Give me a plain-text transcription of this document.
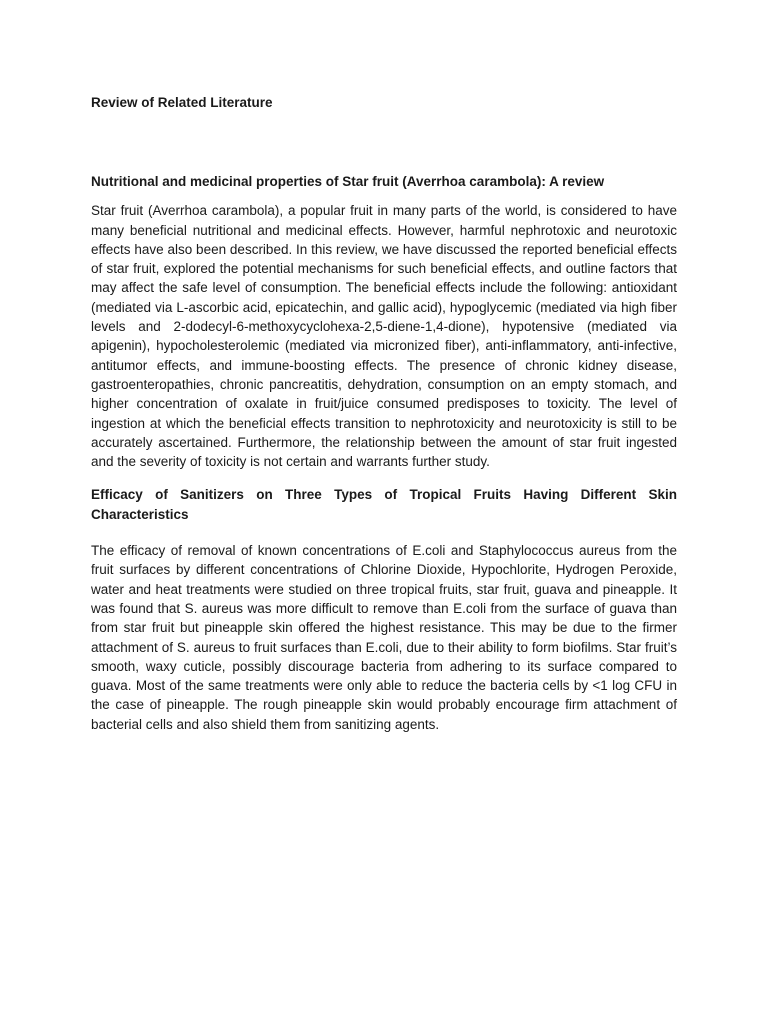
Review of Related Literature
Nutritional and medicinal properties of Star fruit (Averrhoa carambola): A review

Star fruit (Averrhoa carambola), a popular fruit in many parts of the world, is considered to have many beneficial nutritional and medicinal effects. However, harmful nephrotoxic and neurotoxic effects have also been described. In this review, we have discussed the reported beneficial effects of star fruit, explored the potential mechanisms for such beneficial effects, and outline factors that may affect the safe level of consumption. The beneficial effects include the following: antioxidant (mediated via L-ascorbic acid, epicatechin, and gallic acid), hypoglycemic (mediated via high fiber levels and 2-dodecyl-6-methoxycyclohexa-2,5-diene-1,4-dione), hypotensive (mediated via apigenin), hypocholesterolemic (mediated via micronized fiber), anti-inflammatory, anti-infective, antitumor effects, and immune-boosting effects. The presence of chronic kidney disease, gastroenteropathies, chronic pancreatitis, dehydration, consumption on an empty stomach, and higher concentration of oxalate in fruit/juice consumed predisposes to toxicity. The level of ingestion at which the beneficial effects transition to nephrotoxicity and neurotoxicity is still to be accurately ascertained. Furthermore, the relationship between the amount of star fruit ingested and the severity of toxicity is not certain and warrants further study.

Efficacy of Sanitizers on Three Types of Tropical Fruits Having Different Skin Characteristics

The efficacy of removal of known concentrations of E.coli and Staphylococcus aureus from the fruit surfaces by different concentrations of Chlorine Dioxide, Hypochlorite, Hydrogen Peroxide, water and heat treatments were studied on three tropical fruits, star fruit, guava and pineapple. It was found that S. aureus was more difficult to remove than E.coli from the surface of guava than from star fruit but pineapple skin offered the highest resistance. This may be due to the firmer attachment of S. aureus to fruit surfaces than E.coli, due to their ability to form biofilms. Star fruit’s smooth, waxy cuticle, possibly discourage bacteria from adhering to its surface compared to guava. Most of the same treatments were only able to reduce the bacteria cells by <1 log CFU in the case of pineapple. The rough pineapple skin would probably encourage firm attachment of bacterial cells and also shield them from sanitizing agents.
